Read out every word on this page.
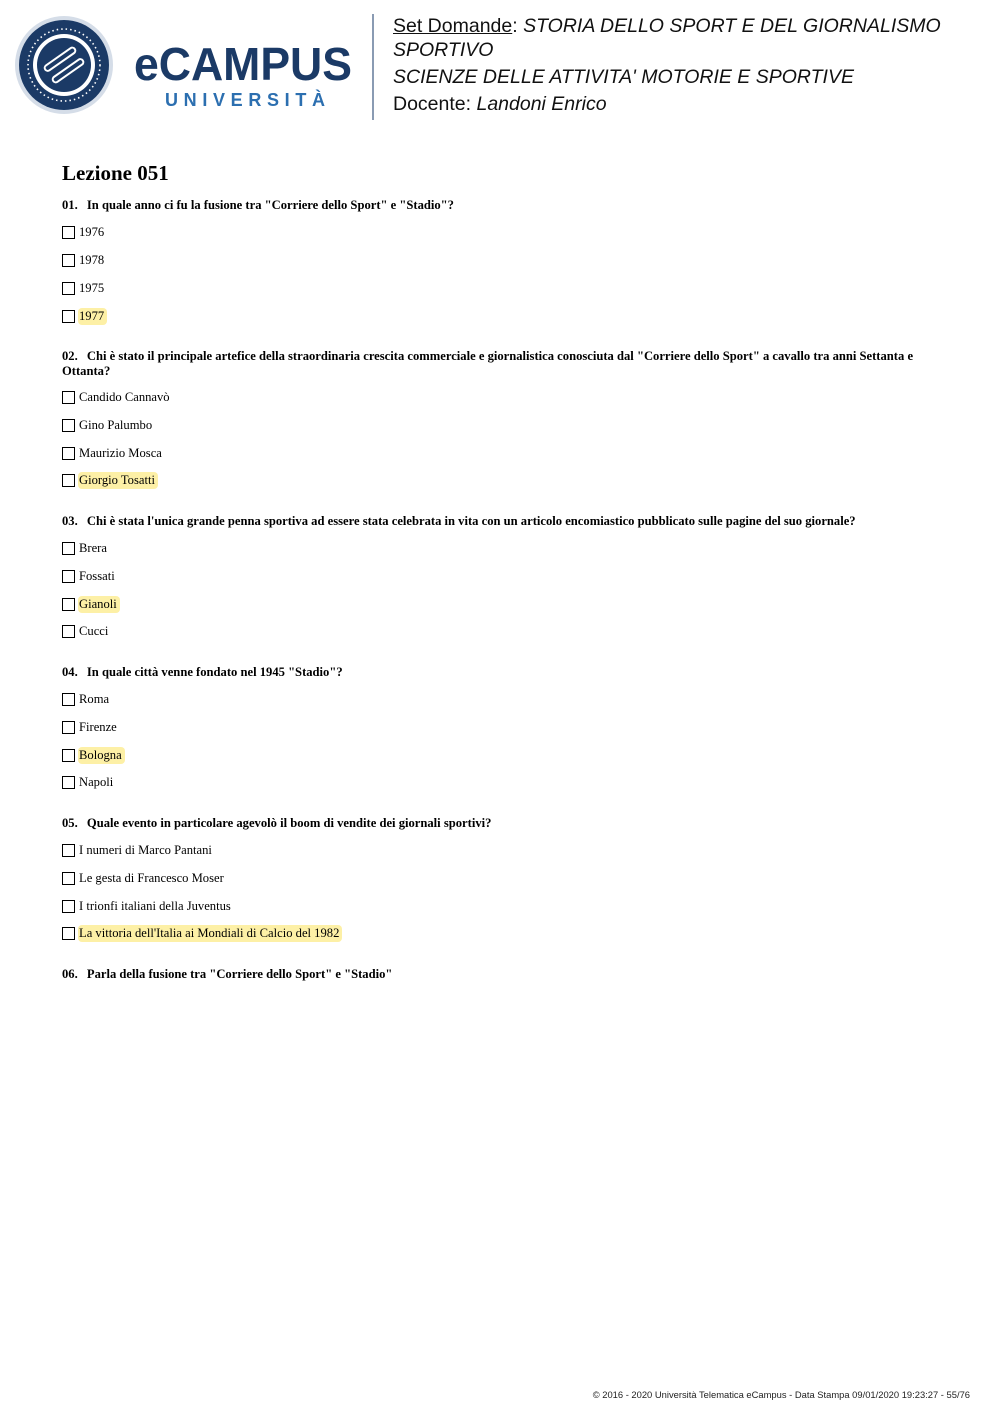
eCAMPUS
UNIVERSITÀ
Set Domande: STORIA DELLO SPORT E DEL GIORNALISMO
SPORTIVO
SCIENZE DELLE ATTIVITA' MOTORIE E SPORTIVE
Docente: Landoni Enrico
Lezione 051
01. In quale anno ci fu la fusione tra "Corriere dello Sport" e "Stadio"?
1976
1978
1975
1977
02. Chi è stato il principale artefice della straordinaria crescita commerciale e giornalistica conosciuta dal "Corriere dello Sport" a cavallo tra anni Settanta e Ottanta?
Candido Cannavò
Gino Palumbo
Maurizio Mosca
Giorgio Tosatti
03. Chi è stata l'unica grande penna sportiva ad essere stata celebrata in vita con un articolo encomiastico pubblicato sulle pagine del suo giornale?
Brera
Fossati
Gianoli
Cucci
04. In quale città venne fondato nel 1945 "Stadio"?
Roma
Firenze
Bologna
Napoli
05. Quale evento in particolare agevolò il boom di vendite dei giornali sportivi?
I numeri di Marco Pantani
Le gesta di Francesco Moser
I trionfi italiani della Juventus
La vittoria dell'Italia ai Mondiali di Calcio del 1982
06. Parla della fusione tra "Corriere dello Sport" e "Stadio"
© 2016 - 2020 Università Telematica eCampus - Data Stampa 09/01/2020 19:23:27 - 55/76
